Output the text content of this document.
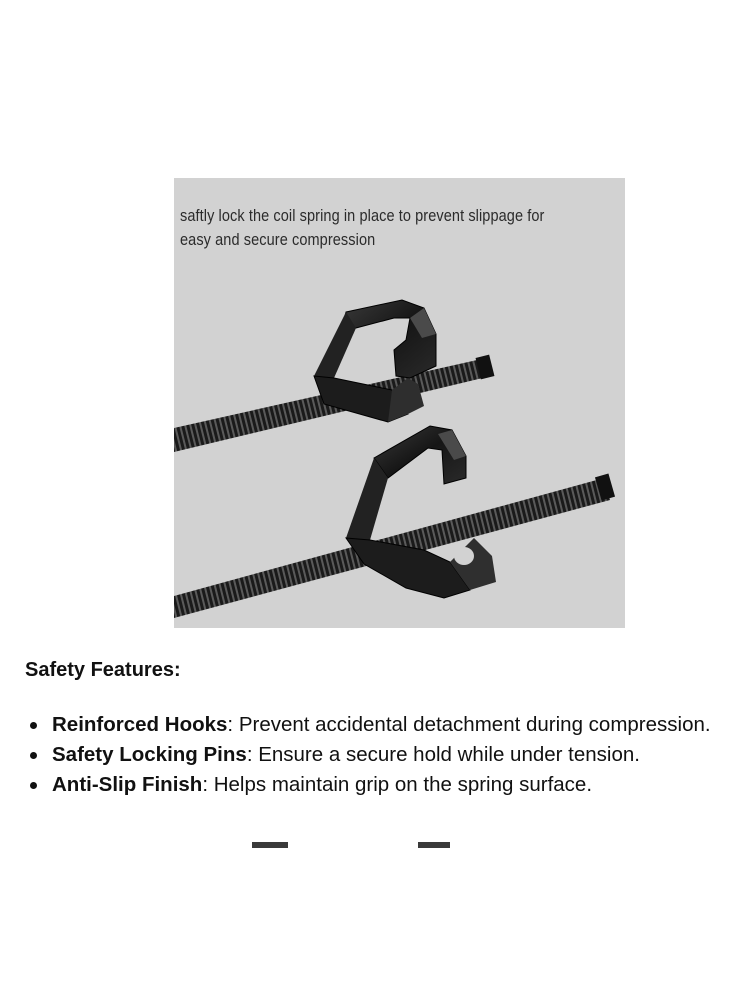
saftly lock the coil spring in place to prevent slippage for easy and secure compression
Safety Features:
Reinforced Hooks: Prevent accidental detachment during compression.
Safety Locking Pins: Ensure a secure hold while under tension.
Anti-Slip Finish: Helps maintain grip on the spring surface.
